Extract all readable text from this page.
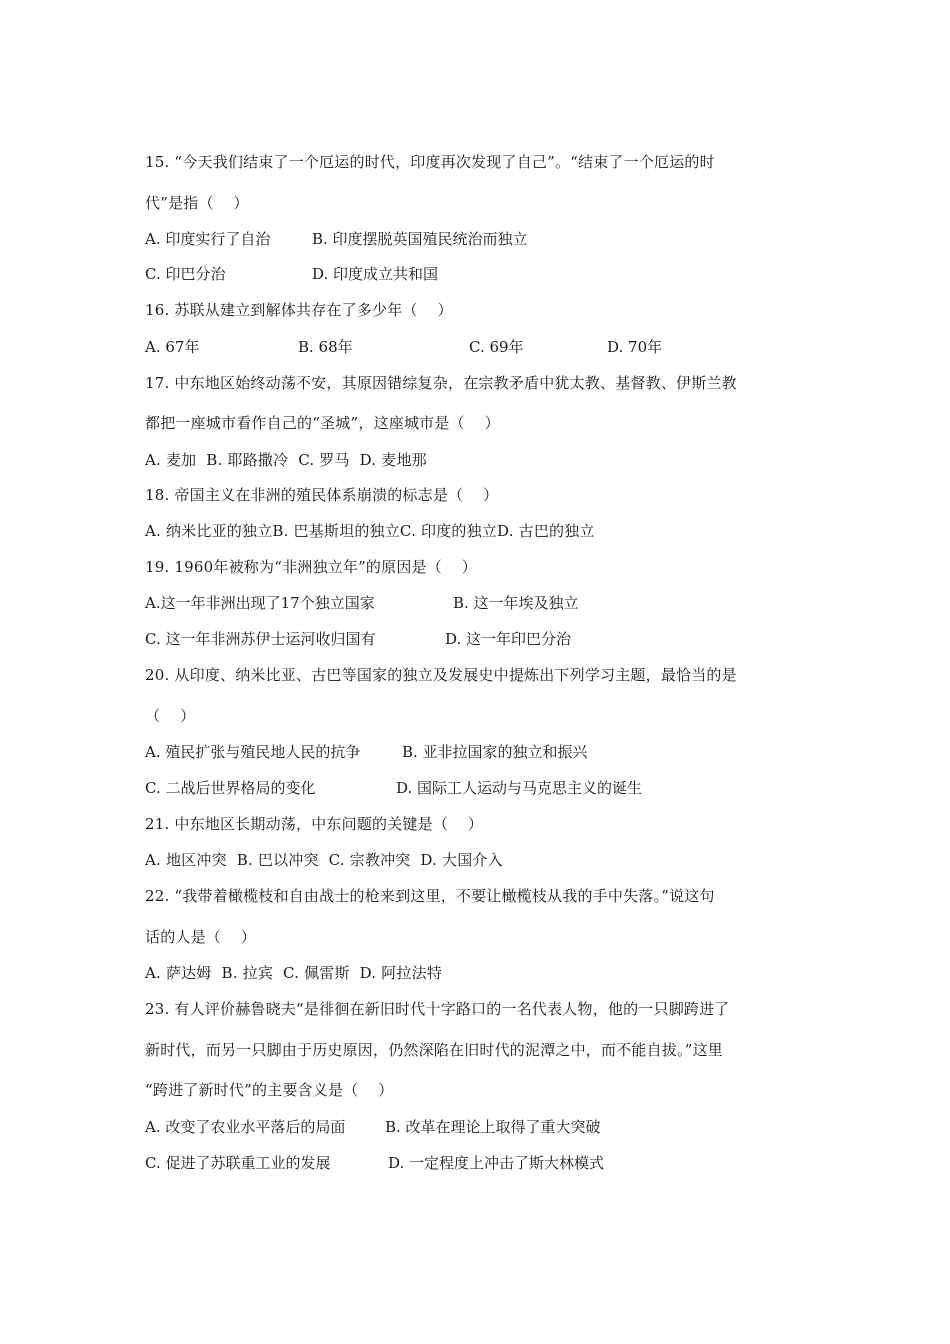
15. “今天我们结束了一个厄运的时代，印度再次发现了自己”。“结束了一个厄运的时
代”是指（    ）
A. 印度实行了自治	B. 印度摆脱英国殖民统治而独立
C. 印巴分治	D. 印度成立共和国
16. 苏联从建立到解体共存在了多少年（    ）
A. 67年	B. 68年	C. 69年	D. 70年
17. 中东地区始终动荡不安，其原因错综复杂，在宗教矛盾中犹太教、基督教、伊斯兰教
都把一座城市看作自己的“圣城”，这座城市是（    ）
A. 麦加  B. 耶路撒冷  C. 罗马  D. 麦地那
18. 帝国主义在非洲的殖民体系崩溃的标志是（    ）
A. 纳米比亚的独立B. 巴基斯坦的独立C. 印度的独立D. 古巴的独立
19. 1960年被称为“非洲独立年”的原因是（    ）
A.这一年非洲出现了17个独立国家	B. 这一年埃及独立
C. 这一年非洲苏伊士运河收归国有	D. 这一年印巴分治
20. 从印度、纳米比亚、古巴等国家的独立及发展史中提炼出下列学习主题，最恰当的是
（    ）
A. 殖民扩张与殖民地人民的抗争	B. 亚非拉国家的独立和振兴
C. 二战后世界格局的变化	D. 国际工人运动与马克思主义的诞生
21. 中东地区长期动荡，中东问题的关键是（    ）
A. 地区冲突  B. 巴以冲突  C. 宗教冲突  D. 大国介入
22. “我带着橄榄枝和自由战士的枪来到这里，不要让橄榄枝从我的手中失落。”说这句
话的人是（    ）
A. 萨达姆  B. 拉宾  C. 佩雷斯  D. 阿拉法特
23. 有人评价赫鲁晓夫“是徘徊在新旧时代十字路口的一名代表人物，他的一只脚跨进了
新时代，而另一只脚由于历史原因，仍然深陷在旧时代的泥潭之中，而不能自拔。”这里
“跨进了新时代”的主要含义是（    ）
A. 改变了农业水平落后的局面	B. 改革在理论上取得了重大突破
C. 促进了苏联重工业的发展	D. 一定程度上冲击了斯大林模式
